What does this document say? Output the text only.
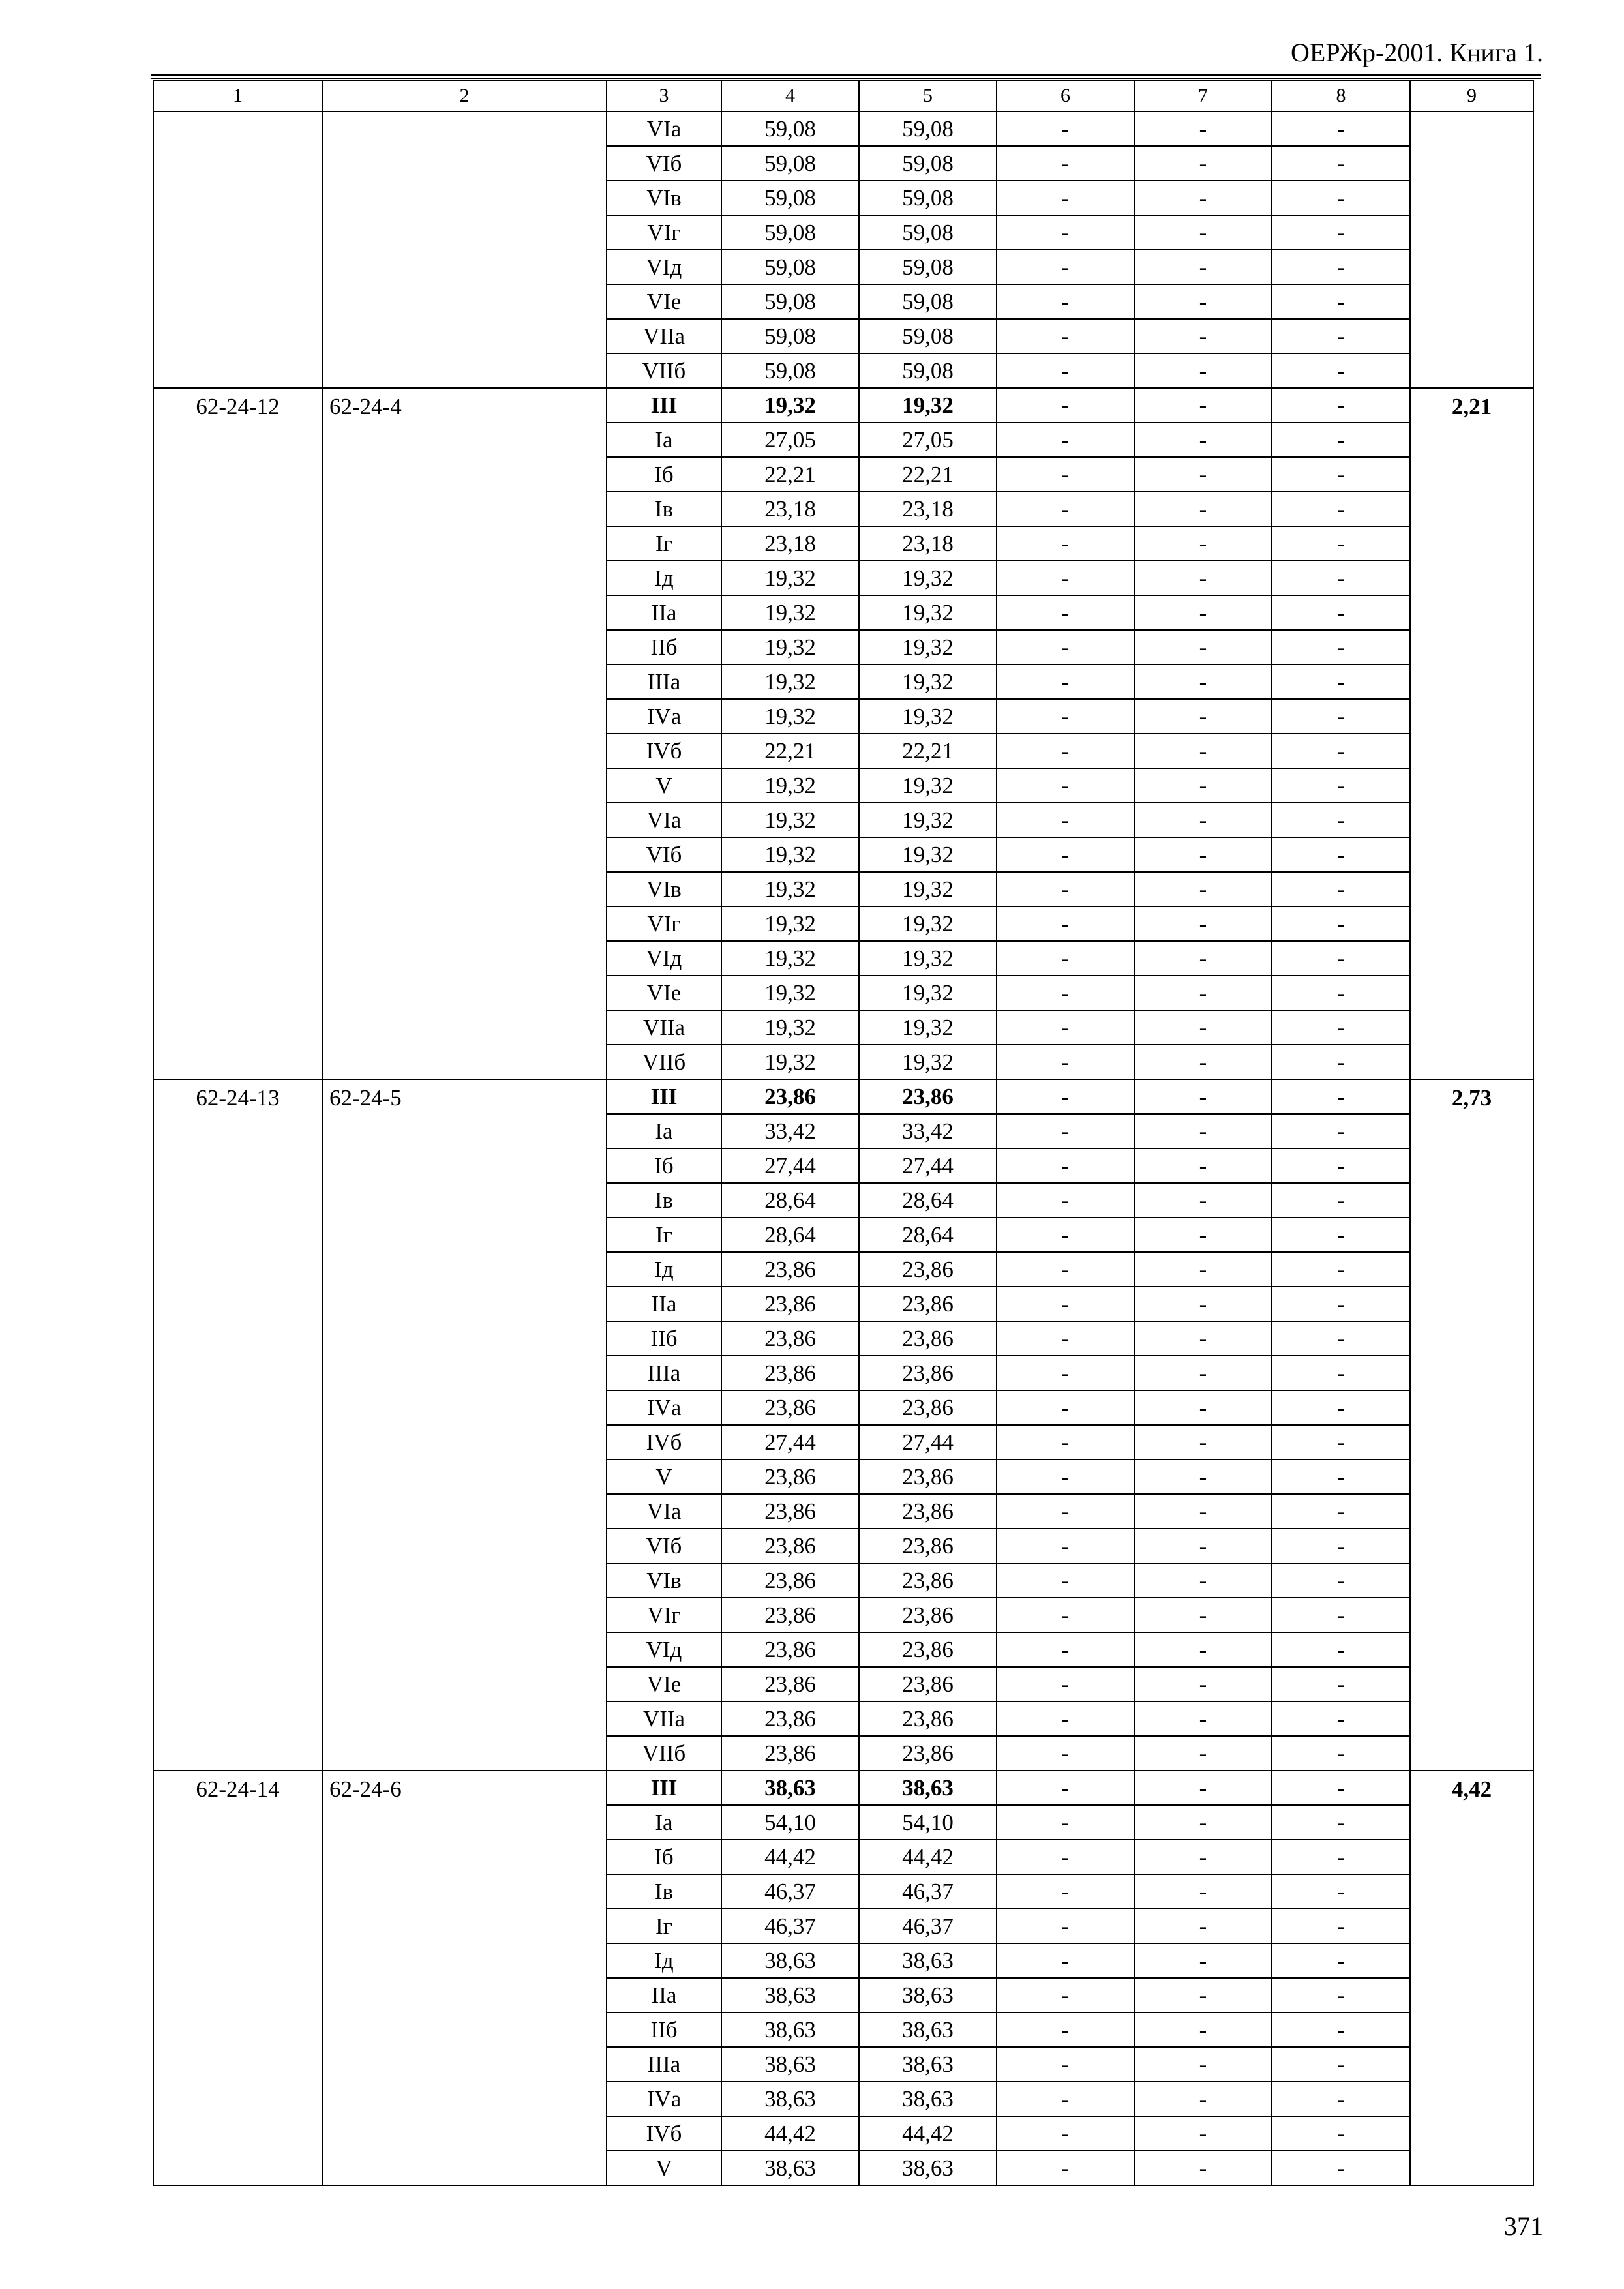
ОЕРЖр-2001. Книга 1.
1	2	3	4	5	6	7	8	9
		VIа	59,08	59,08	-	-	-	
		VIб	59,08	59,08	-	-	-	
		VIв	59,08	59,08	-	-	-	
		VIг	59,08	59,08	-	-	-	
		VIд	59,08	59,08	-	-	-	
		VIе	59,08	59,08	-	-	-	
		VIIа	59,08	59,08	-	-	-	
		VIIб	59,08	59,08	-	-	-	
62-24-12	62-24-4	III	19,32	19,32	-	-	-	2,21
		Iа	27,05	27,05	-	-	-	
		Iб	22,21	22,21	-	-	-	
		Iв	23,18	23,18	-	-	-	
		Iг	23,18	23,18	-	-	-	
		Iд	19,32	19,32	-	-	-	
		IIа	19,32	19,32	-	-	-	
		IIб	19,32	19,32	-	-	-	
		IIIа	19,32	19,32	-	-	-	
		IVа	19,32	19,32	-	-	-	
		IVб	22,21	22,21	-	-	-	
		V	19,32	19,32	-	-	-	
		VIа	19,32	19,32	-	-	-	
		VIб	19,32	19,32	-	-	-	
		VIв	19,32	19,32	-	-	-	
		VIг	19,32	19,32	-	-	-	
		VIд	19,32	19,32	-	-	-	
		VIе	19,32	19,32	-	-	-	
		VIIа	19,32	19,32	-	-	-	
		VIIб	19,32	19,32	-	-	-	
62-24-13	62-24-5	III	23,86	23,86	-	-	-	2,73
		Iа	33,42	33,42	-	-	-	
		Iб	27,44	27,44	-	-	-	
		Iв	28,64	28,64	-	-	-	
		Iг	28,64	28,64	-	-	-	
		Iд	23,86	23,86	-	-	-	
		IIа	23,86	23,86	-	-	-	
		IIб	23,86	23,86	-	-	-	
		IIIа	23,86	23,86	-	-	-	
		IVа	23,86	23,86	-	-	-	
		IVб	27,44	27,44	-	-	-	
		V	23,86	23,86	-	-	-	
		VIа	23,86	23,86	-	-	-	
		VIб	23,86	23,86	-	-	-	
		VIв	23,86	23,86	-	-	-	
		VIг	23,86	23,86	-	-	-	
		VIд	23,86	23,86	-	-	-	
		VIе	23,86	23,86	-	-	-	
		VIIа	23,86	23,86	-	-	-	
		VIIб	23,86	23,86	-	-	-	
62-24-14	62-24-6	III	38,63	38,63	-	-	-	4,42
		Iа	54,10	54,10	-	-	-	
		Iб	44,42	44,42	-	-	-	
		Iв	46,37	46,37	-	-	-	
		Iг	46,37	46,37	-	-	-	
		Iд	38,63	38,63	-	-	-	
		IIа	38,63	38,63	-	-	-	
		IIб	38,63	38,63	-	-	-	
		IIIа	38,63	38,63	-	-	-	
		IVа	38,63	38,63	-	-	-	
		IVб	44,42	44,42	-	-	-	
		V	38,63	38,63	-	-	-	
371
